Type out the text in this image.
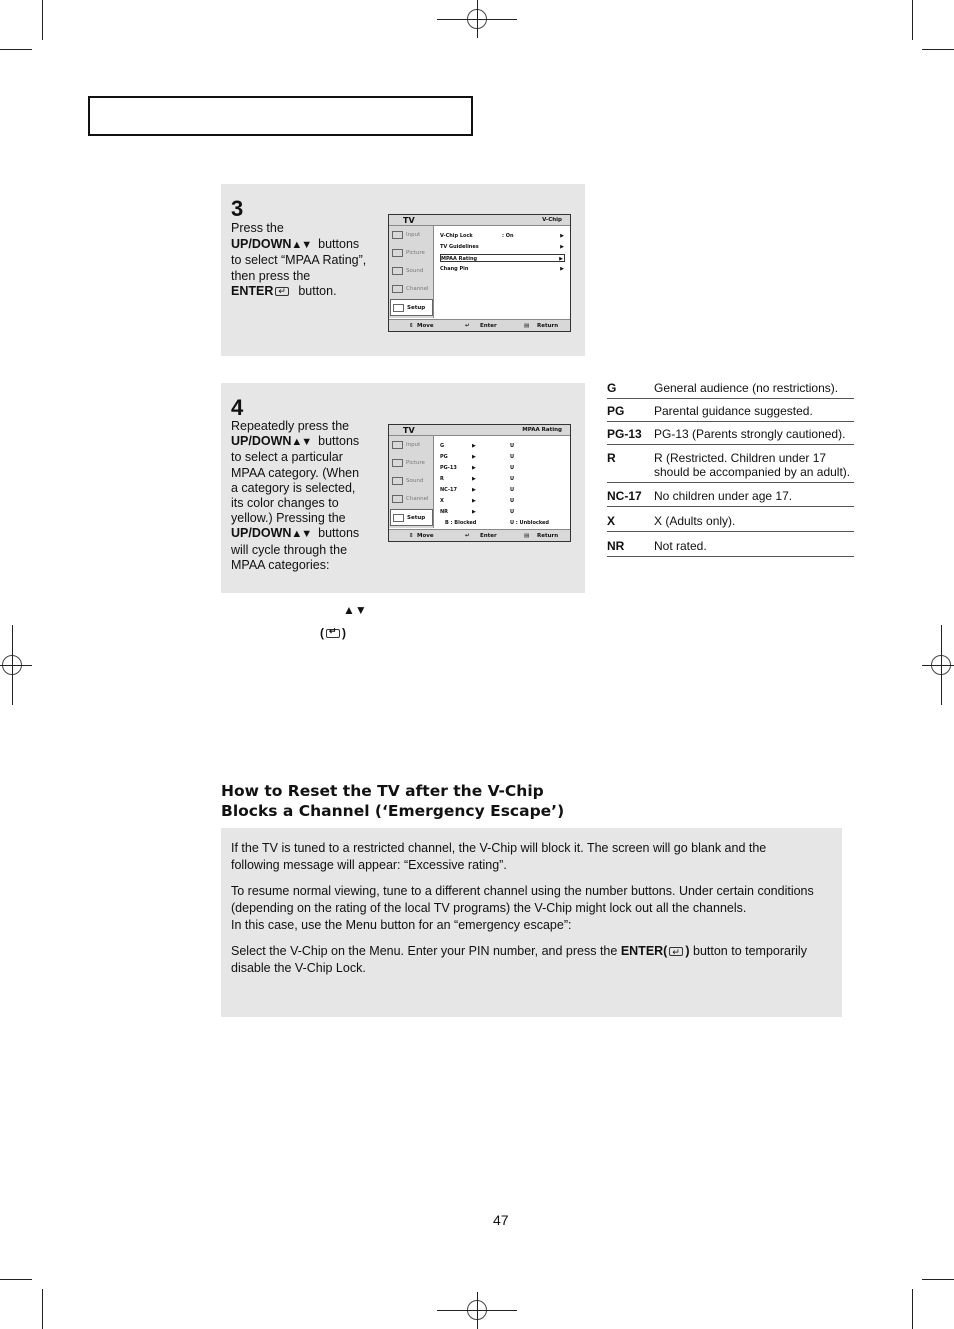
3
Press the
UP/DOWN▲▼ buttons
to select “MPAA Rating”,
then press the
ENTER ↵ button.
TV	V-Chip
Input
Picture
Sound
Channel
Setup
V-Chip Lock	: On	▶
TV Guidelines	▶
MPAA Rating	▶
Chang Pin	▶
⇕ Move	↵ Enter	▤ Return
4
Repeatedly press the
UP/DOWN▲▼ buttons
to select a particular
MPAA category. (When
a category is selected,
its color changes to
yellow.) Pressing the
UP/DOWN▲▼ buttons
will cycle through the
MPAA categories:
TV	MPAA Rating
Input
Picture
Sound
Channel
Setup
G	▶	U
PG	▶	U
PG-13	▶	U
R	▶	U
NC-17	▶	U
X	▶	U
NR	▶	U
B : Blocked	U : Unblocked
⇕ Move	↵ Enter	▤ Return
G	General audience (no restrictions).
PG Parental guidance suggested.
PG-13 PG-13 (Parents strongly cautioned).
R	R (Restricted. Children under 17 should be accompanied by an adult).
NC-17 No children under age 17.
X	X (Adults only).
NR Not rated.
▲▼
( ↵ )
How to Reset the TV after the V-Chip
Blocks a Channel (‘Emergency Escape’)

If the TV is tuned to a restricted channel, the V-Chip will block it. The screen will go blank and the following message will appear: “Excessive rating”.

To resume normal viewing, tune to a different channel using the number buttons. Under certain conditions (depending on the rating of the local TV programs) the V-Chip might lock out all the channels.
In this case, use the Menu button for an “emergency escape”:

Select the V-Chip on the Menu. Enter your PIN number, and press the ENTER( ↵ ) button to temporarily disable the V-Chip Lock.

47
